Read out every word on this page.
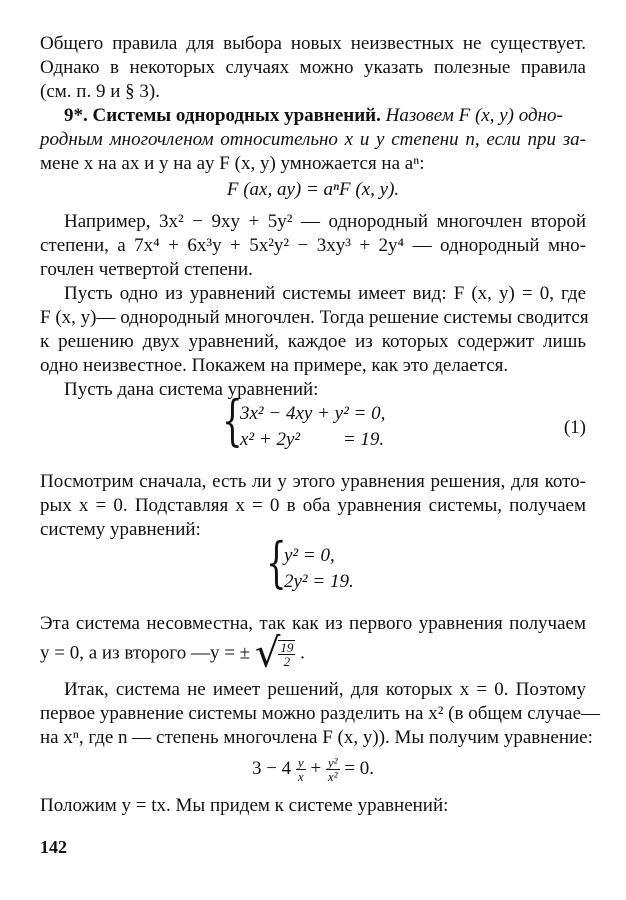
Общего правила для выбора новых неизвестных не существует.
Однако в некоторых случаях можно указать полезные правила
(см. п. 9 и § 3).
9*. Системы однородных уравнений. Назовем F (x, y) одно-
родным многочленом относительно x и y степени n, если при за-
мене x на ax и y на ay F (x, y) умножается на aⁿ:
F (ax, ay) = aⁿF (x, y).
Например, 3x² − 9xy + 5y² — однородный многочлен второй
степени, а 7x⁴ + 6x³y + 5x²y² − 3xy³ + 2y⁴ — однородный мно-
гочлен четвертой степени.
Пусть одно из уравнений системы имеет вид: F (x, y) = 0, где
F (x, y)— однородный многочлен. Тогда решение системы сводится
к решению двух уравнений, каждое из которых содержит лишь
одно неизвестное. Покажем на примере, как это делается.
Пусть дана система уравнений:
{
3x² − 4xy + y² = 0,
x² + 2y²         = 19.
(1)
Посмотрим сначала, есть ли у этого уравнения решения, для кото-
рых x = 0. Подставляя x = 0 в оба уравнения системы, получаем
систему уравнений:
{
y² = 0,
2y² = 19.
Эта система несовместна, так как из первого уравнения получаем
y = 0, а из второго —y = ± √
$\frac{19}{2}$ .
Итак, система не имеет решений, для которых x = 0. Поэтому
первое уравнение системы можно разделить на x² (в общем случае—
на xⁿ, где n — степень многочлена F (x, y)). Мы получим уравнение:
$3 - 4 \frac{y}{x} + \frac{\text{y²}}{\text{x²}} = 0$.
Положим y = tx. Мы придем к системе уравнений:
142
